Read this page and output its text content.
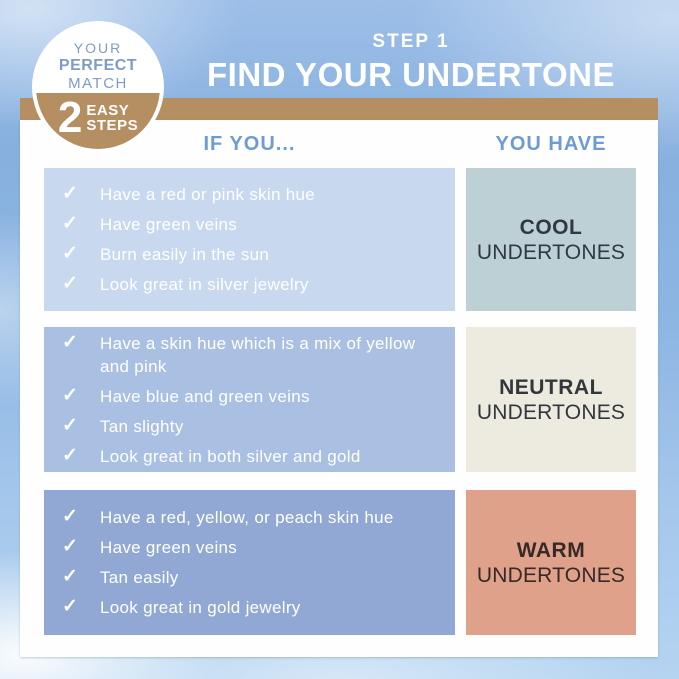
YOUR
PERFECT
MATCH
2 EASY
STEPS
STEP 1
FIND YOUR UNDERTONE
IF YOU...	YOU HAVE
✓	Have a red or pink skin hue
✓	Have green veins
✓	Burn easily in the sun
✓	Look great in silver jewelry
COOL
UNDERTONES
✓	Have a skin hue which is a mix of yellow and pink
✓	Have blue and green veins
✓	Tan slighty
✓	Look great in both silver and gold
NEUTRAL
UNDERTONES
✓	Have a red, yellow, or peach skin hue
✓	Have green veins
✓	Tan easily
✓	Look great in gold jewelry
WARM
UNDERTONES
